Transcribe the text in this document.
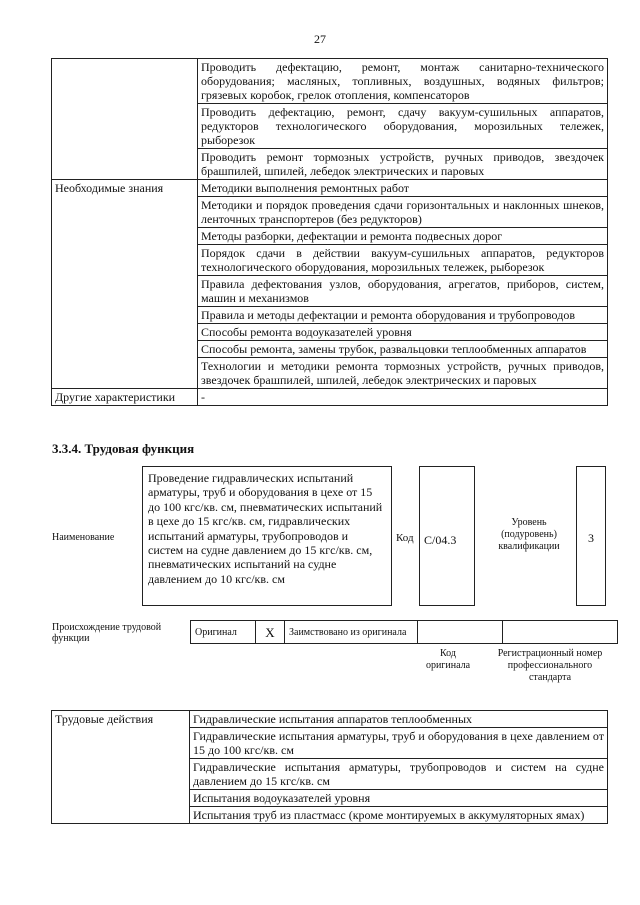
27
	Проводить дефектацию, ремонт, монтаж санитарно-технического оборудования; масляных, топливных, воздушных, водяных фильтров; грязевых коробок, грелок отопления, компенсаторов
	Проводить дефектацию, ремонт, сдачу вакуум-сушильных аппаратов, редукторов технологического оборудования, морозильных тележек, рыборезок
	Проводить ремонт тормозных устройств, ручных приводов, звездочек брашпилей, шпилей, лебедок электрических и паровых
Необходимые знания	Методики выполнения ремонтных работ
	Методики и порядок проведения сдачи горизонтальных и наклонных шнеков, ленточных транспортеров (без редукторов)
	Методы разборки, дефектации и ремонта подвесных дорог
	Порядок сдачи в действии вакуум-сушильных аппаратов, редукторов технологического оборудования, морозильных тележек, рыборезок
	Правила дефектования узлов, оборудования, агрегатов, приборов, систем, машин и механизмов
	Правила и методы дефектации и ремонта оборудования и трубопроводов
	Способы ремонта водоуказателей уровня
	Способы ремонта, замены трубок, развальцовки теплообменных аппаратов
	Технологии и методики ремонта тормозных устройств, ручных приводов, звездочек брашпилей, шпилей, лебедок электрических и паровых
Другие характеристики	-
3.3.4. Трудовая функция
Наименование
Проведение гидравлических испытаний арматуры, труб и оборудования в цехе от 15 до 100 кгс/кв. см, пневматических испытаний в цехе до 15 кгс/кв. см, гидравлических испытаний арматуры, трубопроводов и систем на судне давлением до 15 кгс/кв. см, пневматических испытаний на судне давлением до 10 кгс/кв. см
Код C/04.3
Уровень (подуровень) квалификации
3
Происхождение трудовой функции
Оригинал	X	Заимствовано из оригинала		
Код оригинала
Регистрационный номер профессионального стандарта
Трудовые действия	Гидравлические испытания аппаратов теплообменных
Гидравлические испытания арматуры, труб и оборудования в цехе давлением от 15 до 100 кгс/кв. см
Гидравлические испытания арматуры, трубопроводов и систем на судне давлением до 15 кгс/кв. см
Испытания водоуказателей уровня
Испытания труб из пластмасс (кроме монтируемых в аккумуляторных ямах)
